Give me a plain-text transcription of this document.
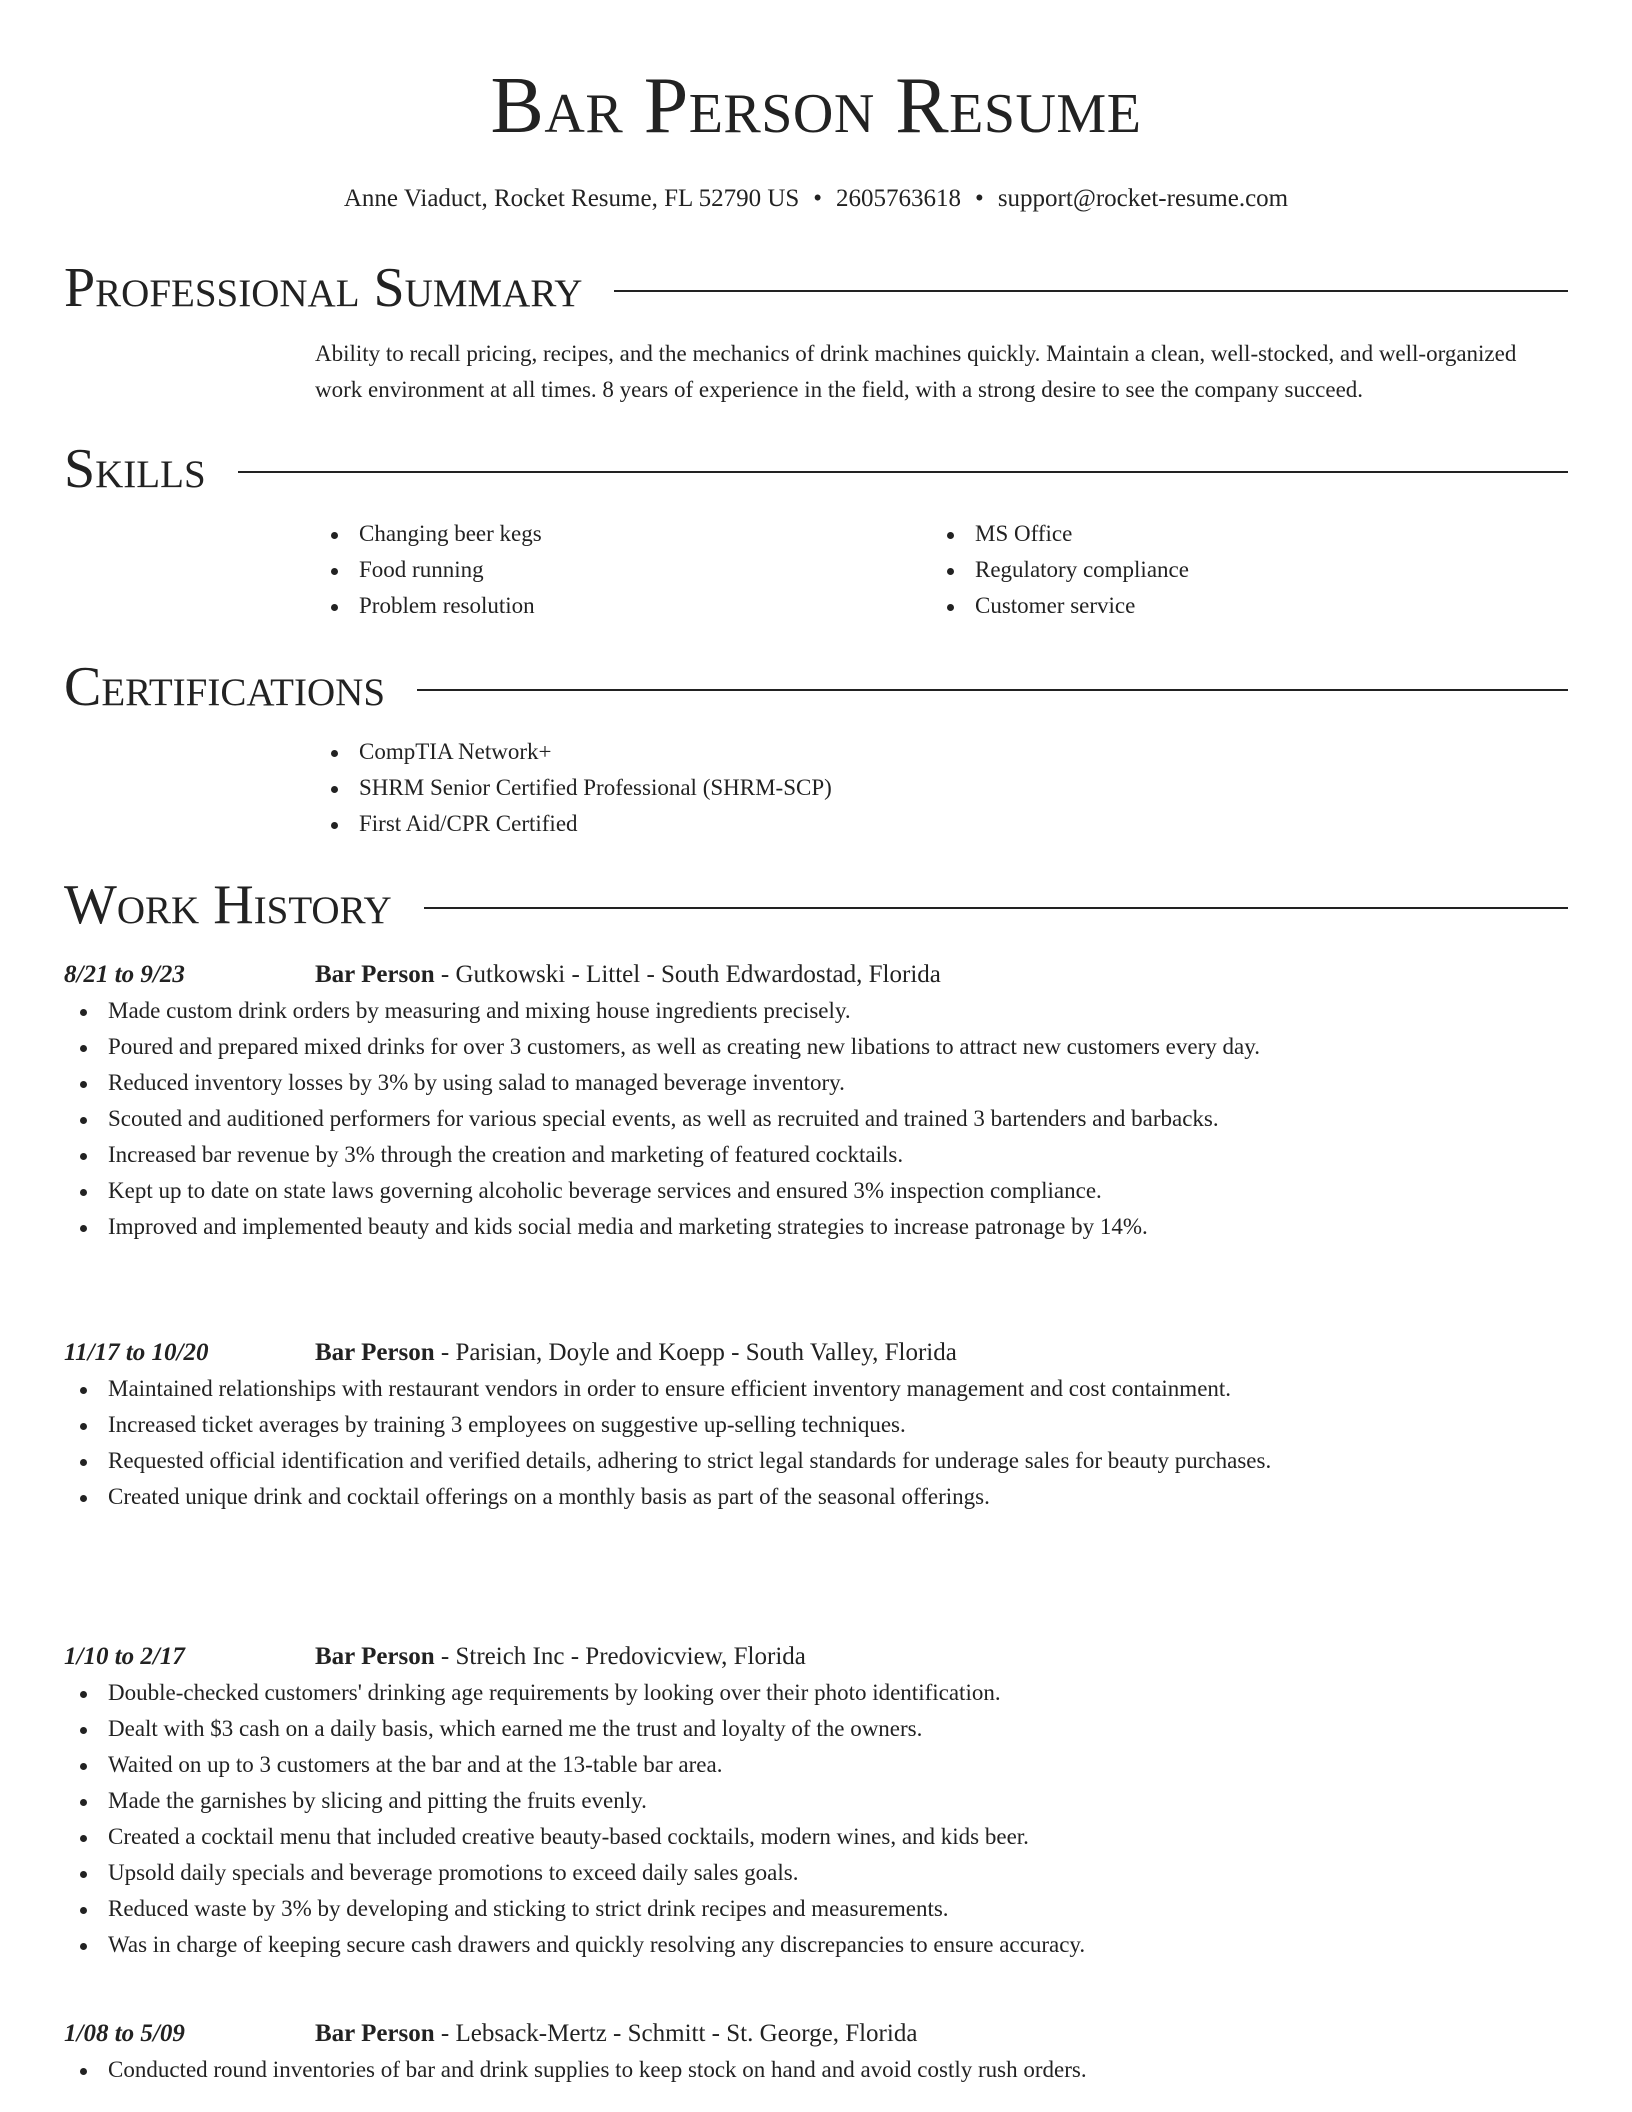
Bar Person Resume
Anne Viaduct, Rocket Resume, FL 52790 US • 2605763618 • support@rocket-resume.com
Professional Summary
Ability to recall pricing, recipes, and the mechanics of drink machines quickly. Maintain a clean, well-stocked, and well-organized work environment at all times. 8 years of experience in the field, with a strong desire to see the company succeed.
Skills
Changing beer kegs
Food running
Problem resolution
MS Office
Regulatory compliance
Customer service
Certifications
CompTIA Network+
SHRM Senior Certified Professional (SHRM-SCP)
First Aid/CPR Certified
Work History
8/21 to 9/23	Bar Person - Gutkowski - Littel - South Edwardostad, Florida
Made custom drink orders by measuring and mixing house ingredients precisely.
Poured and prepared mixed drinks for over 3 customers, as well as creating new libations to attract new customers every day.
Reduced inventory losses by 3% by using salad to managed beverage inventory.
Scouted and auditioned performers for various special events, as well as recruited and trained 3 bartenders and barbacks.
Increased bar revenue by 3% through the creation and marketing of featured cocktails.
Kept up to date on state laws governing alcoholic beverage services and ensured 3% inspection compliance.
Improved and implemented beauty and kids social media and marketing strategies to increase patronage by 14%.
11/17 to 10/20	Bar Person - Parisian, Doyle and Koepp - South Valley, Florida
Maintained relationships with restaurant vendors in order to ensure efficient inventory management and cost containment.
Increased ticket averages by training 3 employees on suggestive up-selling techniques.
Requested official identification and verified details, adhering to strict legal standards for underage sales for beauty purchases.
Created unique drink and cocktail offerings on a monthly basis as part of the seasonal offerings.
1/10 to 2/17	Bar Person - Streich Inc - Predovicview, Florida
Double-checked customers' drinking age requirements by looking over their photo identification.
Dealt with $3 cash on a daily basis, which earned me the trust and loyalty of the owners.
Waited on up to 3 customers at the bar and at the 13-table bar area.
Made the garnishes by slicing and pitting the fruits evenly.
Created a cocktail menu that included creative beauty-based cocktails, modern wines, and kids beer.
Upsold daily specials and beverage promotions to exceed daily sales goals.
Reduced waste by 3% by developing and sticking to strict drink recipes and measurements.
Was in charge of keeping secure cash drawers and quickly resolving any discrepancies to ensure accuracy.
1/08 to 5/09	Bar Person - Lebsack-Mertz - Schmitt - St. George, Florida
Conducted round inventories of bar and drink supplies to keep stock on hand and avoid costly rush orders.
